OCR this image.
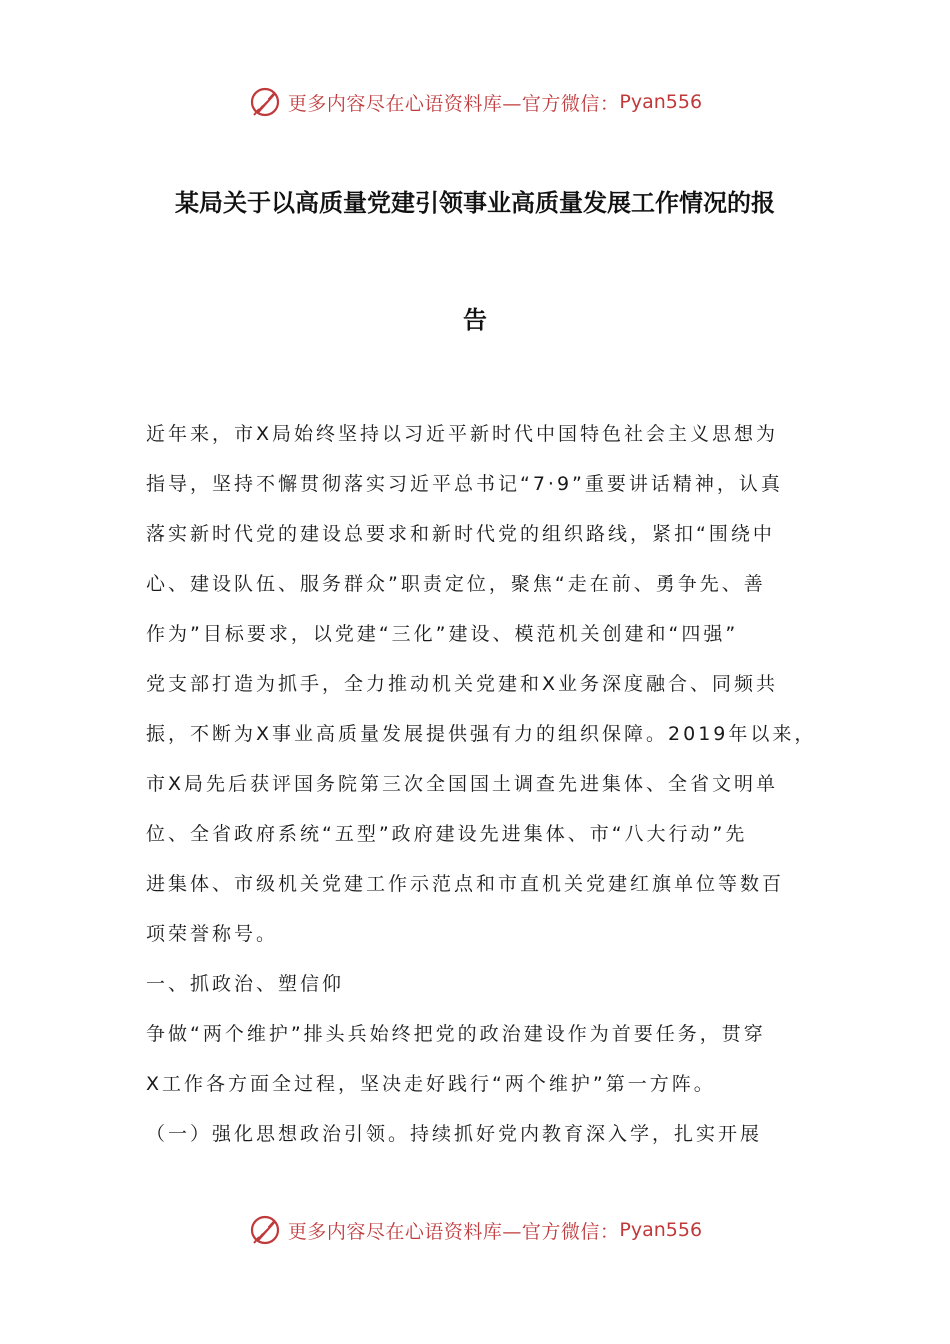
更多内容尽在心语资料库—官方微信： Pyan556
某局关于以高质量党建引领事业高质量发展工作情况的报
告
近年来，市X局始终坚持以习近平新时代中国特色社会主义思想为
指导，坚持不懈贯彻落实习近平总书记“7·9”重要讲话精神，认真
落实新时代党的建设总要求和新时代党的组织路线，紧扣“围绕中
心、建设队伍、服务群众”职责定位，聚焦“走在前、勇争先、善
作为”目标要求，以党建“三化”建设、模范机关创建和“四强”
党支部打造为抓手，全力推动机关党建和X业务深度融合、同频共
振，不断为X事业高质量发展提供强有力的组织保障。2019年以来，
市X局先后获评国务院第三次全国国土调查先进集体、全省文明单
位、全省政府系统“五型”政府建设先进集体、市“八大行动”先
进集体、市级机关党建工作示范点和市直机关党建红旗单位等数百
项荣誉称号。
一、抓政治、塑信仰
争做“两个维护”排头兵始终把党的政治建设作为首要任务，贯穿
X工作各方面全过程，坚决走好践行“两个维护”第一方阵。
（一）强化思想政治引领。持续抓好党内教育深入学，扎实开展
更多内容尽在心语资料库—官方微信： Pyan556
